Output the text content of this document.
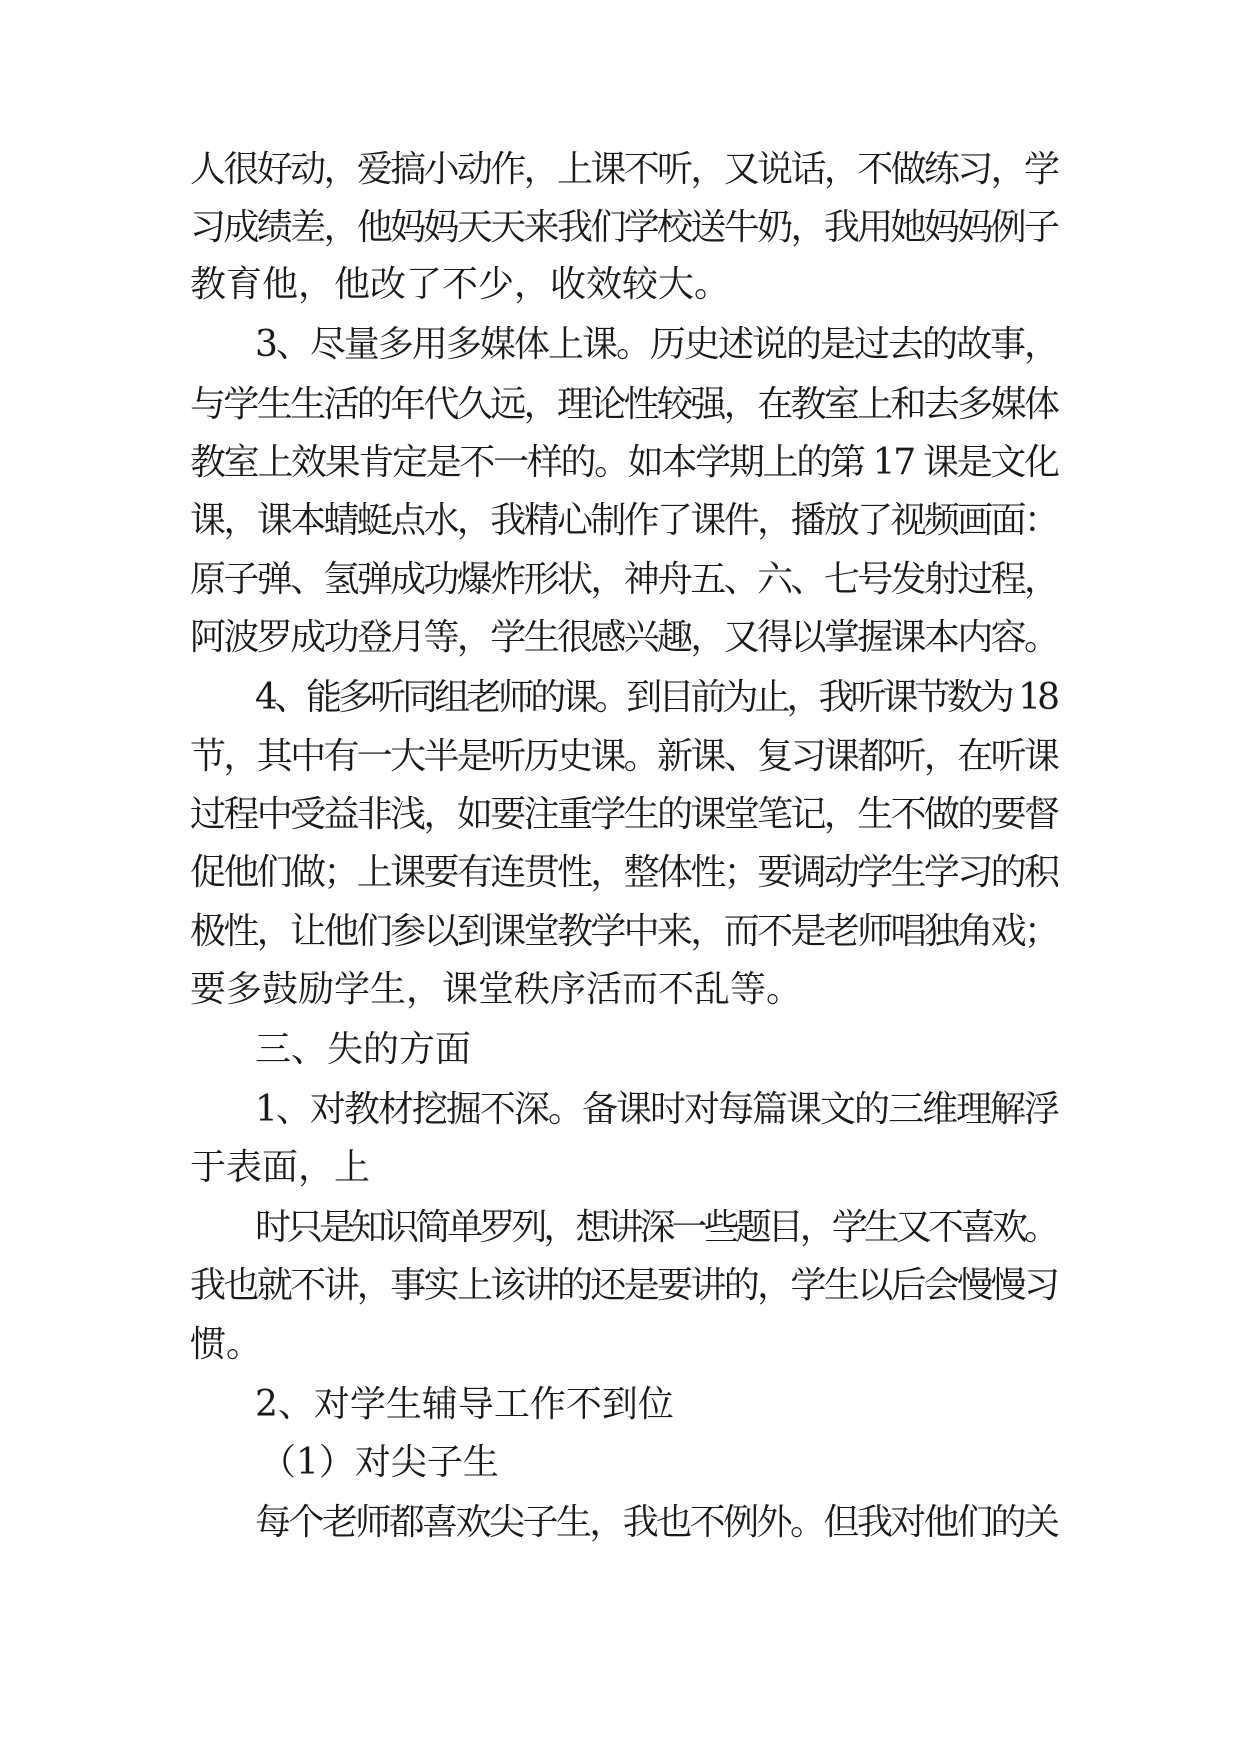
人很好动，爱搞小动作，上课不听，又说话，不做练习，学
习成绩差，他妈妈天天来我们学校送牛奶，我用她妈妈例子
教育他，他改了不少，收效较大。
3、尽量多用多媒体上课。历史述说的是过去的故事，
与学生生活的年代久远，理论性较强，在教室上和去多媒体
教室上效果肯定是不一样的。如本学期上的第 17 课是文化
课，课本蜻蜓点水，我精心制作了课件，播放了视频画面：
原子弹、氢弹成功爆炸形状，神舟五、六、七号发射过程，
阿波罗成功登月等，学生很感兴趣，又得以掌握课本内容。
4、能多听同组老师的课。到目前为止，我听课节数为 18
节，其中有一大半是听历史课。新课、复习课都听，在听课
过程中受益非浅，如要注重学生的课堂笔记，生不做的要督
促他们做；上课要有连贯性，整体性；要调动学生学习的积
极性，让他们参以到课堂教学中来，而不是老师唱独角戏；
要多鼓励学生，课堂秩序活而不乱等。
三、失的方面
1、对教材挖掘不深。备课时对每篇课文的三维理解浮
于表面，上
时只是知识简单罗列，想讲深一些题目，学生又不喜欢。
我也就不讲，事实上该讲的还是要讲的，学生以后会慢慢习
惯。
2、对学生辅导工作不到位
（1）对尖子生
每个老师都喜欢尖子生，我也不例外。但我对他们的关
